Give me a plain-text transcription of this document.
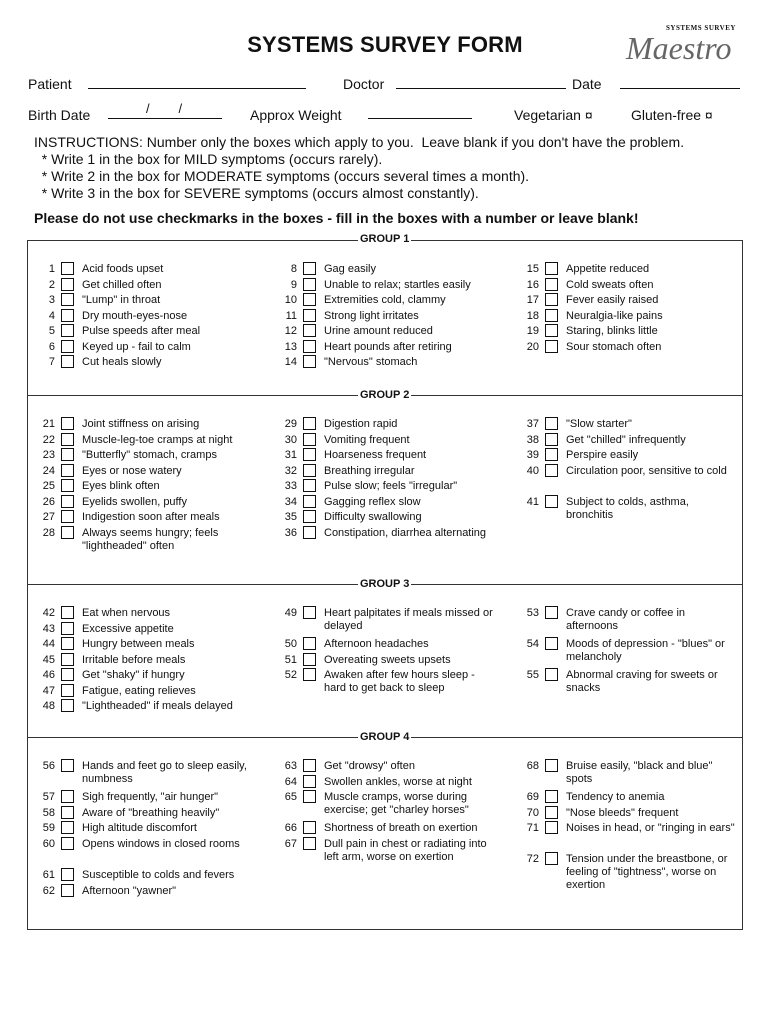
SYSTEMS SURVEY FORM
SYSTEMS SURVEY
Maestro
Patient	Doctor	Date
Birth Date	/        /	Approx Weight	Vegetarian ¤	Gluten-free ¤
INSTRUCTIONS: Number only the boxes which apply to you.  Leave blank if you don't have the problem.
* Write 1 in the box for MILD symptoms (occurs rarely).
* Write 2 in the box for MODERATE symptoms (occurs several times a month).
* Write 3 in the box for SEVERE symptoms (occurs almost constantly).
Please do not use checkmarks in the boxes - fill in the boxes with a number or leave blank!
GROUP 1
GROUP 2
GROUP 3
GROUP 4
1 Acid foods upset
2 Get chilled often
3 "Lump" in throat
4 Dry mouth-eyes-nose
5 Pulse speeds after meal
6 Keyed up - fail to calm
7 Cut heals slowly
8 Gag easily
9 Unable to relax; startles easily
10 Extremities cold, clammy
11 Strong light irritates
12 Urine amount reduced
13 Heart pounds after retiring
14 "Nervous" stomach
15 Appetite reduced
16 Cold sweats often
17 Fever easily raised
18 Neuralgia-like pains
19 Staring, blinks little
20 Sour stomach often
21 Joint stiffness on arising
22 Muscle-leg-toe cramps at night
23 "Butterfly" stomach, cramps
24 Eyes or nose watery
25 Eyes blink often
26 Eyelids swollen, puffy
27 Indigestion soon after meals
28 Always seems hungry; feels "lightheaded" often
29 Digestion rapid
30 Vomiting frequent
31 Hoarseness frequent
32 Breathing irregular
33 Pulse slow; feels "irregular"
34 Gagging reflex slow
35 Difficulty swallowing
36 Constipation, diarrhea alternating
37 "Slow starter"
38 Get "chilled" infrequently
39 Perspire easily
40 Circulation poor, sensitive to cold
41 Subject to colds, asthma, bronchitis
42 Eat when nervous
43 Excessive appetite
44 Hungry between meals
45 Irritable before meals
46 Get "shaky" if hungry
47 Fatigue, eating relieves
48 "Lightheaded" if meals delayed
49 Heart palpitates if meals missed or delayed
50 Afternoon headaches
51 Overeating sweets upsets
52 Awaken after few hours sleep - hard to get back to sleep
53 Crave candy or coffee in afternoons
54 Moods of depression - "blues" or melancholy
55 Abnormal craving for sweets or snacks
56 Hands and feet go to sleep easily, numbness
57 Sigh frequently, "air hunger"
58 Aware of "breathing heavily"
59 High altitude discomfort
60 Opens windows in closed rooms
61 Susceptible to colds and fevers
62 Afternoon "yawner"
63 Get "drowsy" often
64 Swollen ankles, worse at night
65 Muscle cramps, worse during exercise; get "charley horses"
66 Shortness of breath on exertion
67 Dull pain in chest or radiating into left arm, worse on exertion
68 Bruise easily, "black and blue" spots
69 Tendency to anemia
70 "Nose bleeds" frequent
71 Noises in head, or "ringing in ears"
72 Tension under the breastbone, or feeling of "tightness", worse on exertion
